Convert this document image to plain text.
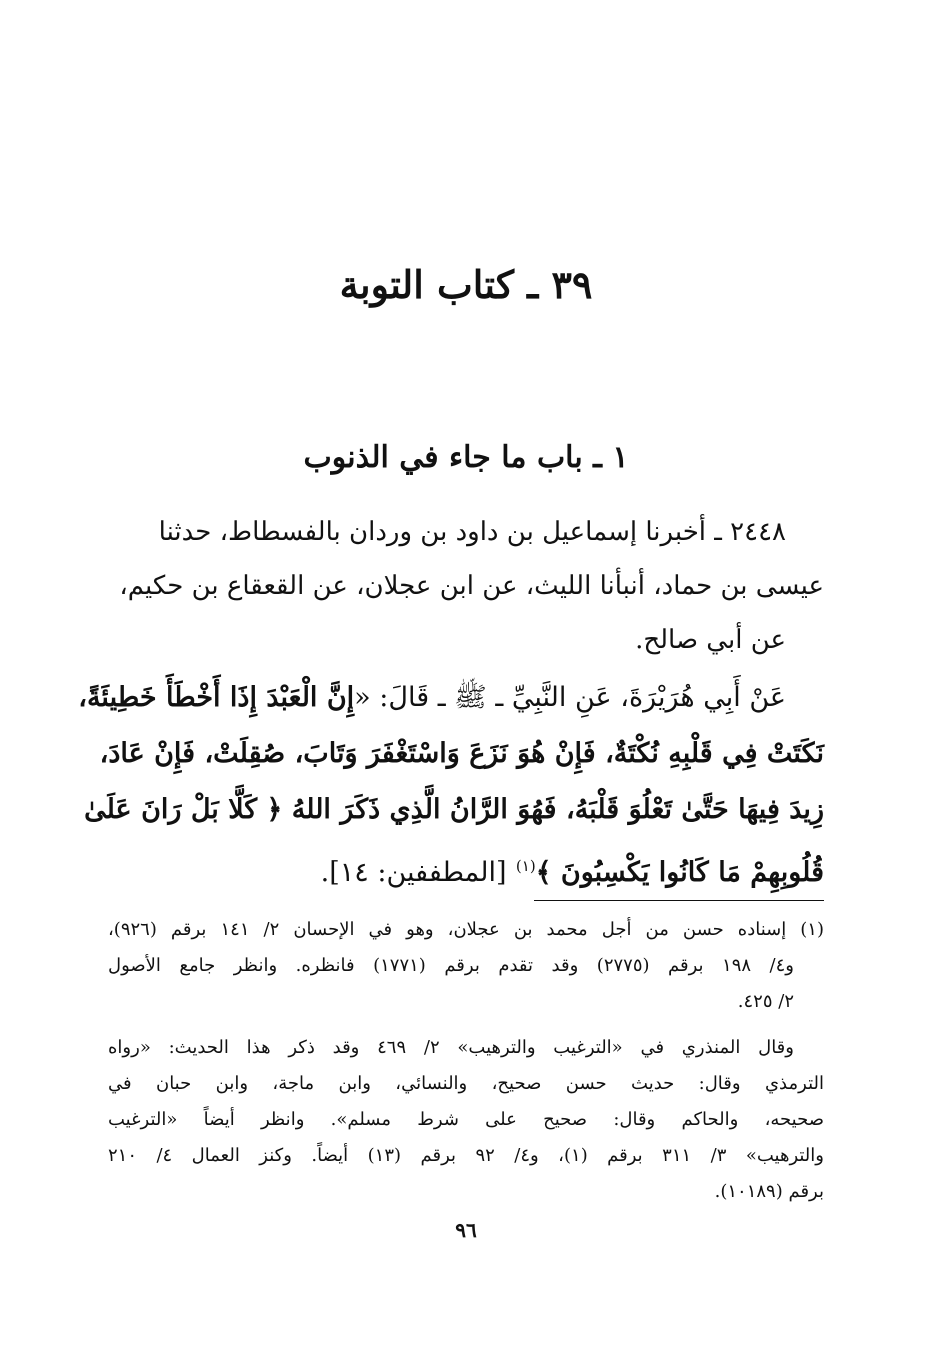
٣٩ ـ كتاب التوبة
١ ـ باب ما جاء في الذنوب
٢٤٤٨ ـ أخبرنا إسماعيل بن داود بن وردان بالفسطاط، حدثنا
عيسى بن حماد، أنبأنا الليث، عن ابن عجلان، عن القعقاع بن حكيم،
عن أبي صالح.
عَنْ أَبِي هُرَيْرَةَ، عَنِ النَّبِيِّ ـ ﷺ ـ قَالَ: «إِنَّ الْعَبْدَ إِذَا أَخْطَأَ خَطِيئَةً،
نَكَتَتْ فِي قَلْبِهِ نُكْتَةٌ، فَإِنْ هُوَ نَزَعَ وَاسْتَغْفَرَ وَتَابَ، صُقِلَتْ، فَإِنْ عَادَ،
زِيدَ فِيهَا حَتَّىٰ تَعْلُوَ قَلْبَهُ، فَهُوَ الرَّانُ الَّذِي ذَكَرَ اللهُ ﴿ كَلَّا بَلْ رَانَ عَلَىٰ
قُلُوبِهِمْ مَا كَانُوا يَكْسِبُونَ ﴾$^{(١)}$ [المطففين: ١٤].
(١) إسناده حسن من أجل محمد بن عجلان، وهو في الإحسان ٢/ ١٤١ برقم (٩٢٦)،
و٤/ ١٩٨ برقم (٢٧٧٥) وقد تقدم برقم (١٧٧١) فانظره. وانظر جامع الأصول
٢/ ٤٢٥.
وقال المنذري في «الترغيب والترهيب» ٢/ ٤٦٩ وقد ذكر هذا الحديث: «رواه
الترمذي وقال: حديث حسن صحيح، والنسائي، وابن ماجة، وابن حبان في
صحيحه، والحاكم وقال: صحيح على شرط مسلم». وانظر أيضاً «الترغيب
والترهيب» ٣/ ٣١١ برقم (١)، و٤/ ٩٢ برقم (١٣) أيضاً. وكنز العمال ٤/ ٢١٠
برقم (١٠١٨٩).
٩٦
